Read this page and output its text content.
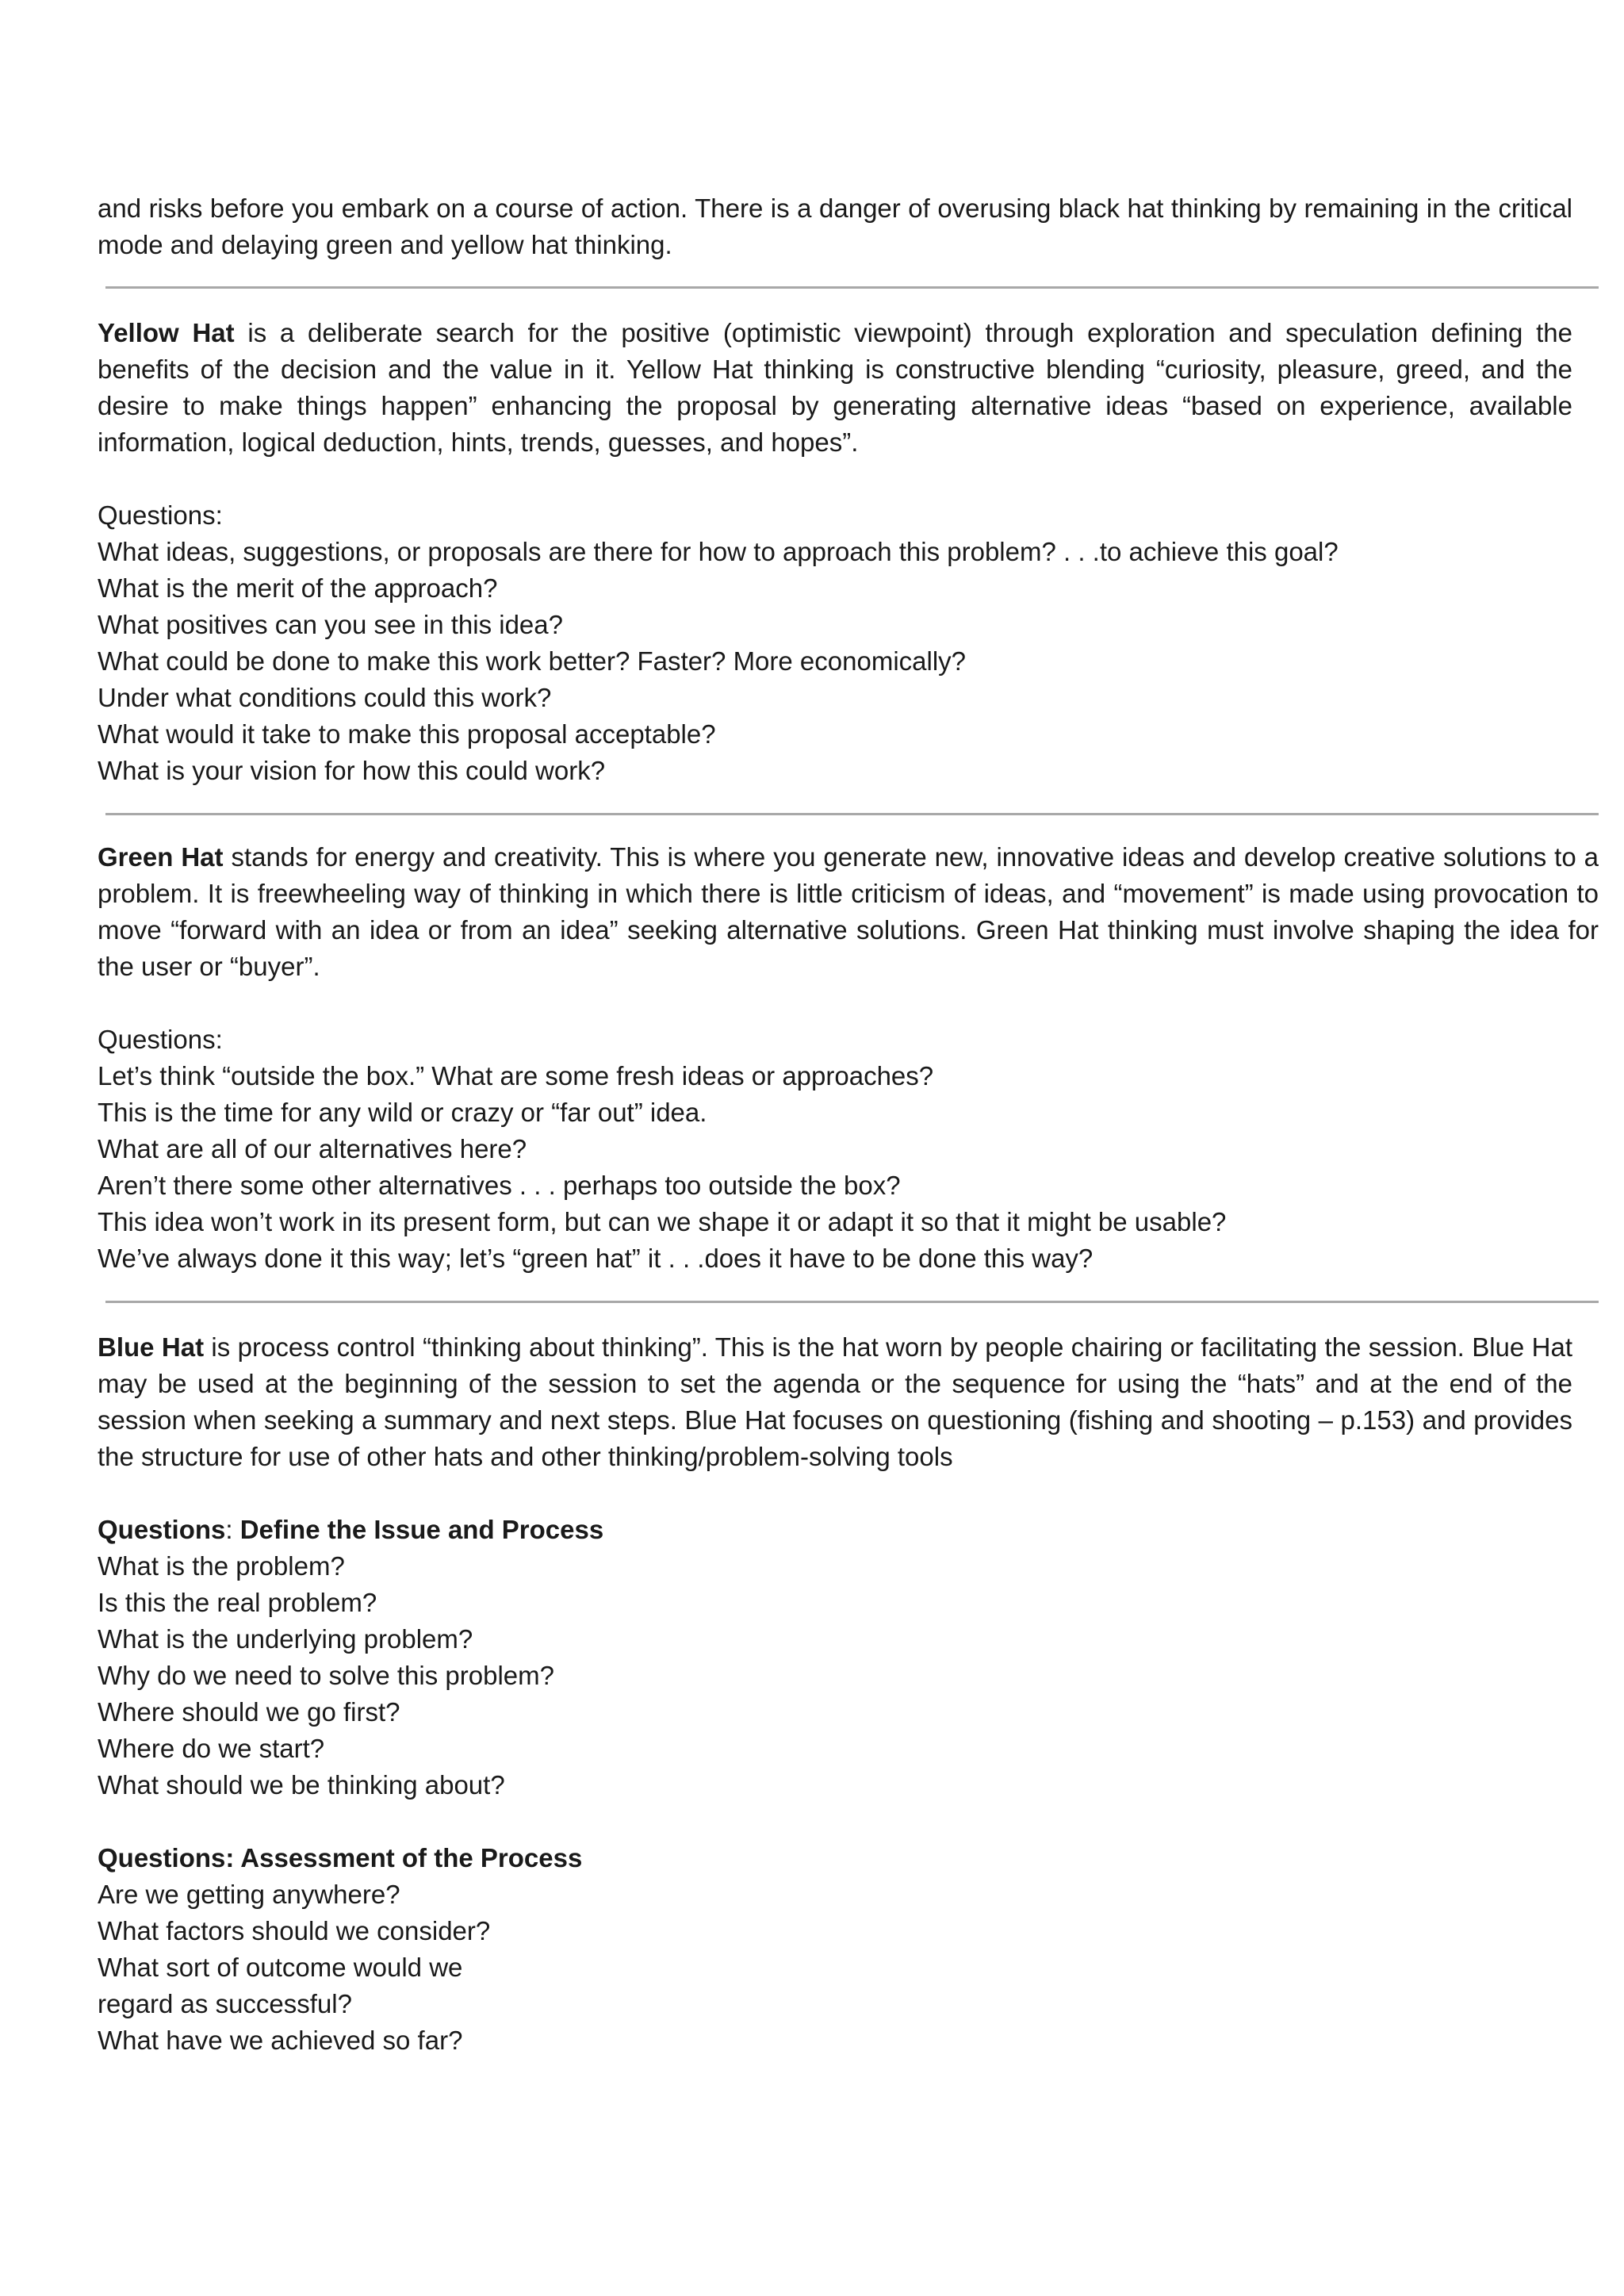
and risks before you embark on a course of action. There is a danger of overusing black hat thinking by remaining in the critical mode and delaying green and yellow hat thinking.

Yellow Hat is a deliberate search for the positive (optimistic viewpoint) through exploration and speculation defining the benefits of the decision and the value in it. Yellow Hat thinking is constructive blending “curiosity, pleasure, greed, and the desire to make things happen” enhancing the proposal by generating alternative ideas “based on experience, available information, logical deduction, hints, trends, guesses, and hopes”.

Questions:

What ideas, suggestions, or proposals are there for how to approach this problem? . . .to achieve this goal?
What is the merit of the approach?
What positives can you see in this idea?
What could be done to make this work better? Faster? More economically?
Under what conditions could this work?
What would it take to make this proposal acceptable?
What is your vision for how this could work?

Green Hat stands for energy and creativity. This is where you generate new, innovative ideas and develop creative solutions to a problem. It is freewheeling way of thinking in which there is little criticism of ideas, and “movement” is made using provocation to move “forward with an idea or from an idea” seeking alternative solutions. Green Hat thinking must involve shaping the idea for the user or “buyer”.

Questions:

Let’s think “outside the box.” What are some fresh ideas or approaches?
This is the time for any wild or crazy or “far out” idea.
What are all of our alternatives here?
Aren’t there some other alternatives . . . perhaps too outside the box?
This idea won’t work in its present form, but can we shape it or adapt it so that it might be usable?
We’ve always done it this way; let’s “green hat” it . . .does it have to be done this way?

Blue Hat is process control “thinking about thinking”. This is the hat worn by people chairing or facilitating the session. Blue Hat may be used at the beginning of the session to set the agenda or the sequence for using the “hats” and at the end of the session when seeking a summary and next steps. Blue Hat focuses on questioning (fishing and shooting – p.153) and provides the structure for use of other hats and other thinking/problem-solving tools

Questions: Define the Issue and Process

What is the problem?
Is this the real problem?
What is the underlying problem?
Why do we need to solve this problem?
Where should we go first?
Where do we start?
What should we be thinking about?

Questions: Assessment of the Process

Are we getting anywhere?
What factors should we consider?
What sort of outcome would we
regard as successful?
What have we achieved so far?
